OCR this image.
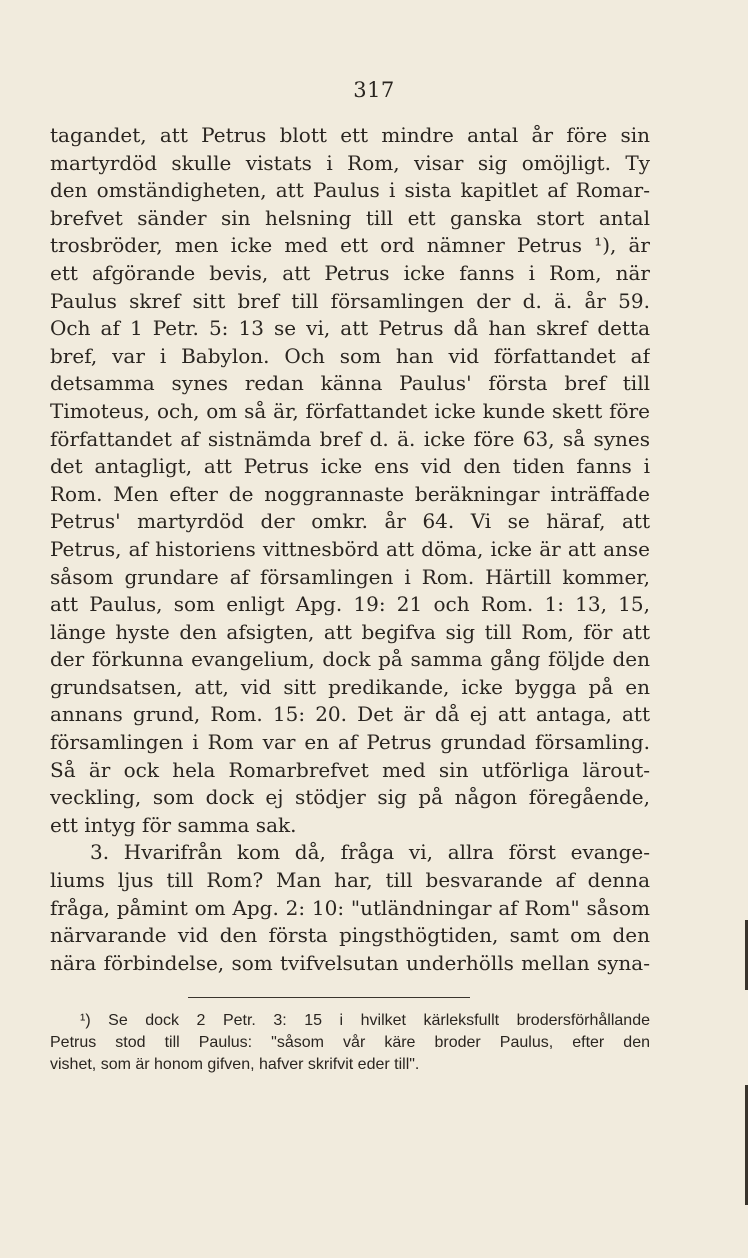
317
tagandet, att Petrus blott ett mindre antal år före sin
martyrdöd skulle vistats i Rom, visar sig omöjligt. Ty
den omständigheten, att Paulus i sista kapitlet af Romar-
brefvet sänder sin helsning till ett ganska stort antal
trosbröder, men icke med ett ord nämner Petrus ¹), är
ett afgörande bevis, att Petrus icke fanns i Rom, när
Paulus skref sitt bref till församlingen der d. ä. år 59.
Och af 1 Petr. 5: 13 se vi, att Petrus då han skref detta
bref, var i Babylon. Och som han vid författandet af
detsamma synes redan känna Paulus' första bref till
Timoteus, och, om så är, författandet icke kunde skett före
författandet af sistnämda bref d. ä. icke före 63, så synes
det antagligt, att Petrus icke ens vid den tiden fanns i
Rom. Men efter de noggrannaste beräkningar inträffade
Petrus' martyrdöd der omkr. år 64. Vi se häraf, att
Petrus, af historiens vittnesbörd att döma, icke är att anse
såsom grundare af församlingen i Rom. Härtill kommer,
att Paulus, som enligt Apg. 19: 21 och Rom. 1: 13, 15,
länge hyste den afsigten, att begifva sig till Rom, för att
der förkunna evangelium, dock på samma gång följde den
grundsatsen, att, vid sitt predikande, icke bygga på en
annans grund, Rom. 15: 20. Det är då ej att antaga, att
församlingen i Rom var en af Petrus grundad församling.
Så är ock hela Romarbrefvet med sin utförliga lärout-
veckling, som dock ej stödjer sig på någon föregående,
ett intyg för samma sak.
3. Hvarifrån kom då, fråga vi, allra först evange-
liums ljus till Rom? Man har, till besvarande af denna
fråga, påmint om Apg. 2: 10: "utländningar af Rom" såsom
närvarande vid den första pingsthögtiden, samt om den
nära förbindelse, som tvifvelsutan underhölls mellan syna-
¹) Se dock 2 Petr. 3: 15 i hvilket kärleksfullt brodersförhållande
Petrus stod till Paulus: "såsom vår käre broder Paulus, efter den
vishet, som är honom gifven, hafver skrifvit eder till".
